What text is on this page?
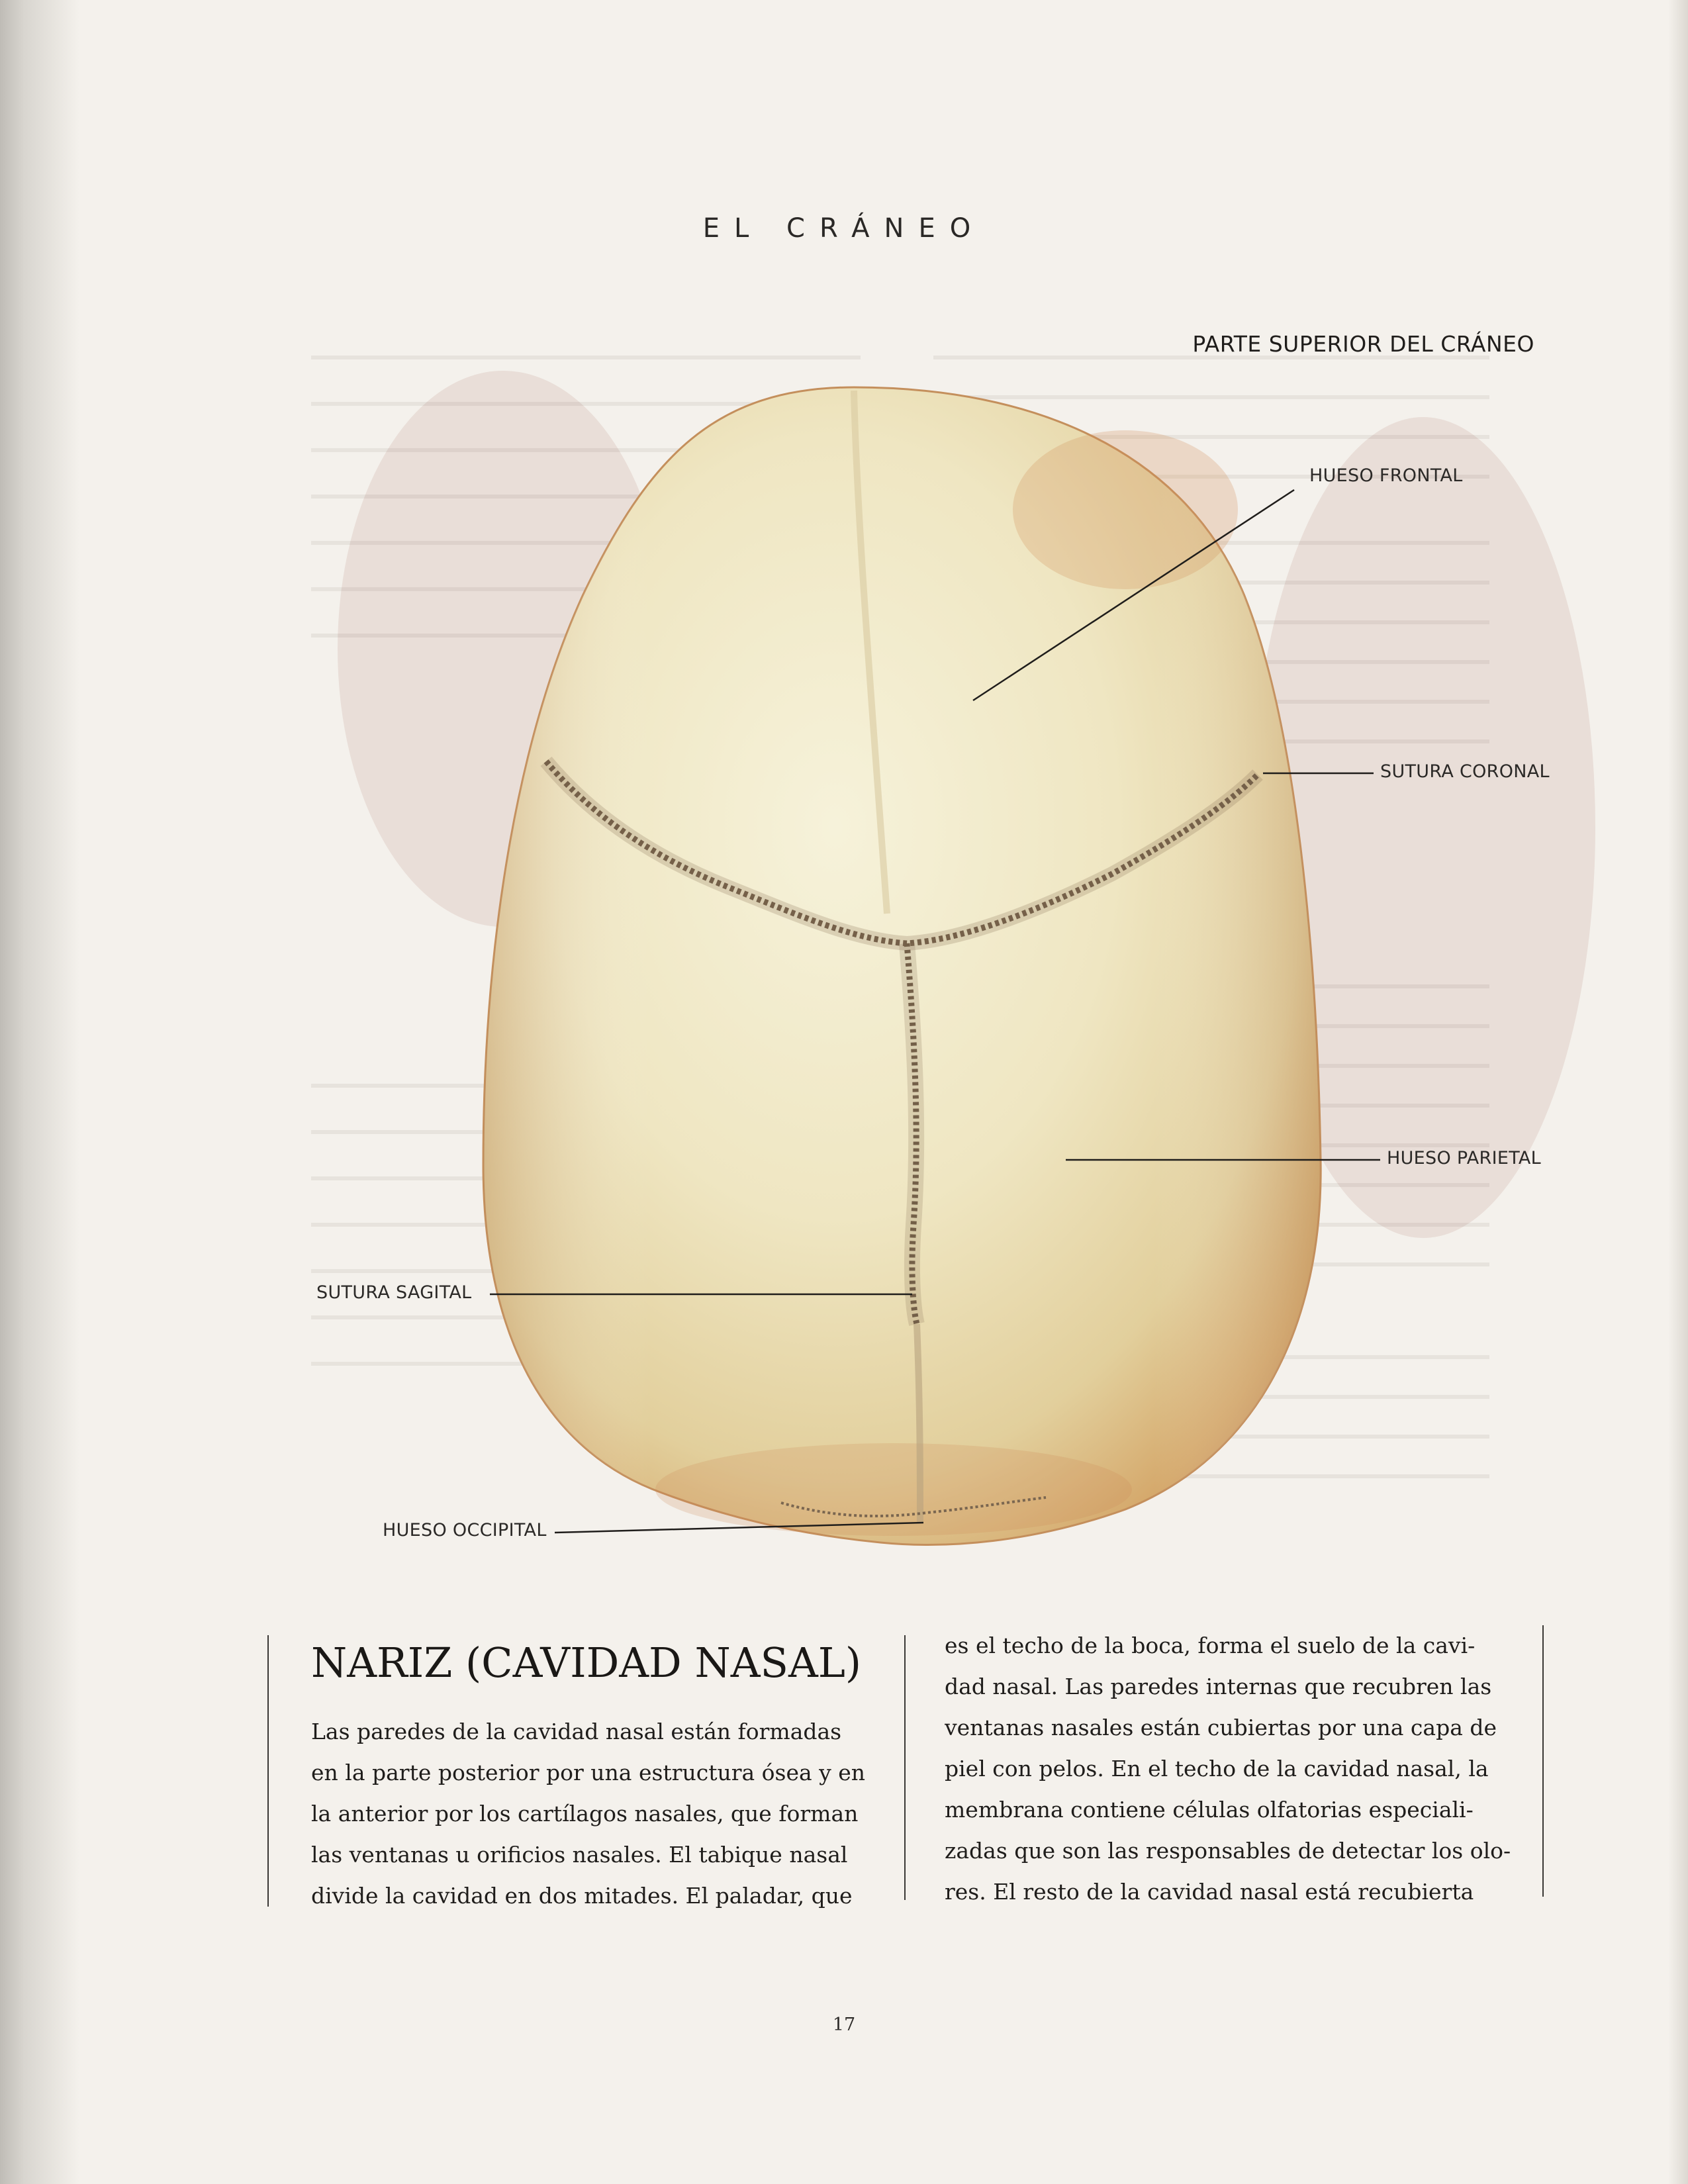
EL CRÁNEO
PARTE SUPERIOR DEL CRÁNEO
HUESO FRONTAL
SUTURA CORONAL
HUESO PARIETAL
SUTURA SAGITAL
HUESO OCCIPITAL
NARIZ (CAVIDAD NASAL)
Las paredes de la cavidad nasal están formadas
en la parte posterior por una estructura ósea y en
la anterior por los cartílagos nasales, que forman
las ventanas u orificios nasales. El tabique nasal
divide la cavidad en dos mitades. El paladar, que
es el techo de la boca, forma el suelo de la cavi-
dad nasal. Las paredes internas que recubren las
ventanas nasales están cubiertas por una capa de
piel con pelos. En el techo de la cavidad nasal, la
membrana contiene células olfatorias especiali-
zadas que son las responsables de detectar los olo-
res. El resto de la cavidad nasal está recubierta
17
